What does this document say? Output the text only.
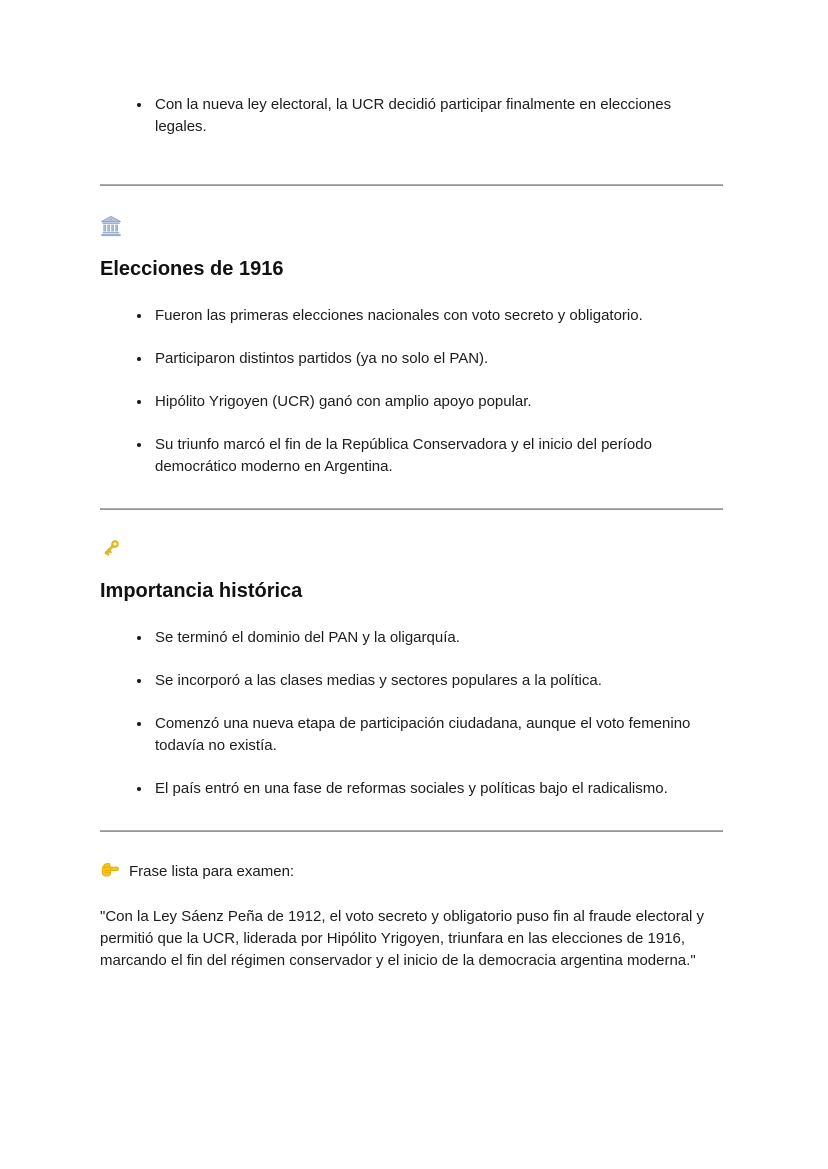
• Con la nueva ley electoral, la UCR decidió participar finalmente en elecciones legales.
Elecciones de 1916
• Fueron las primeras elecciones nacionales con voto secreto y obligatorio.
• Participaron distintos partidos (ya no solo el PAN).
• Hipólito Yrigoyen (UCR) ganó con amplio apoyo popular.
• Su triunfo marcó el fin de la República Conservadora y el inicio del período democrático moderno en Argentina.
Importancia histórica
• Se terminó el dominio del PAN y la oligarquía.
• Se incorporó a las clases medias y sectores populares a la política.
• Comenzó una nueva etapa de participación ciudadana, aunque el voto femenino todavía no existía.
• El país entró en una fase de reformas sociales y políticas bajo el radicalismo.

Frase lista para examen:

"Con la Ley Sáenz Peña de 1912, el voto secreto y obligatorio puso fin al fraude electoral y permitió que la UCR, liderada por Hipólito Yrigoyen, triunfara en las elecciones de 1916, marcando el fin del régimen conservador y el inicio de la democracia argentina moderna."
